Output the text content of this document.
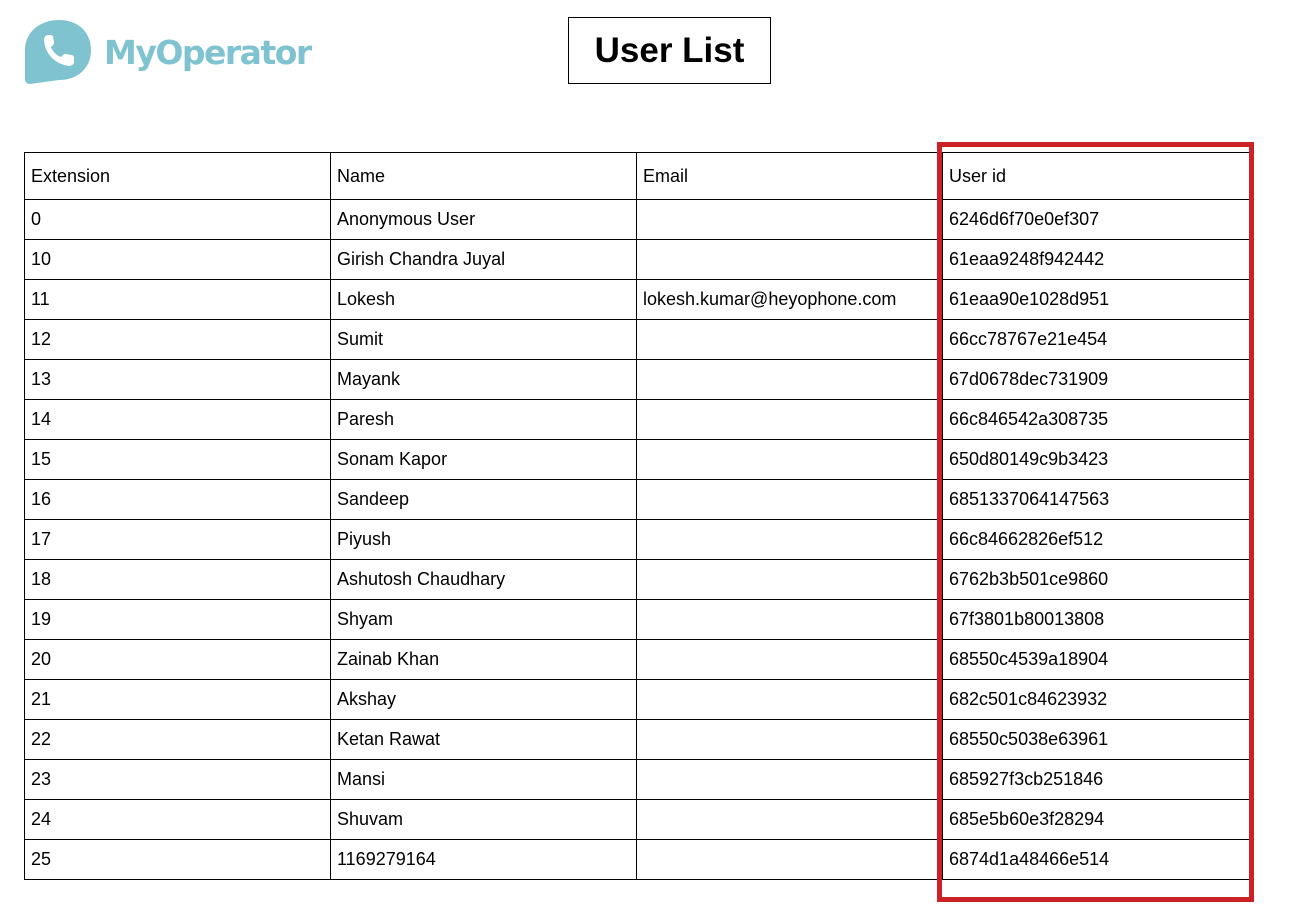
MyOperator	User List
Extension	Name	Email	User id
0	Anonymous User		6246d6f70e0ef307
10	Girish Chandra Juyal		61eaa9248f942442
11	Lokesh	lokesh.kumar@heyophone.com	61eaa90e1028d951
12	Sumit		66cc78767e21e454
13	Mayank		67d0678dec731909
14	Paresh		66c846542a308735
15	Sonam Kapor		650d80149c9b3423
16	Sandeep		6851337064147563
17	Piyush		66c84662826ef512
18	Ashutosh Chaudhary		6762b3b501ce9860
19	Shyam		67f3801b80013808
20	Zainab Khan		68550c4539a18904
21	Akshay		682c501c84623932
22	Ketan Rawat		68550c5038e63961
23	Mansi		685927f3cb251846
24	Shuvam		685e5b60e3f28294
25	1169279164		6874d1a48466e514
